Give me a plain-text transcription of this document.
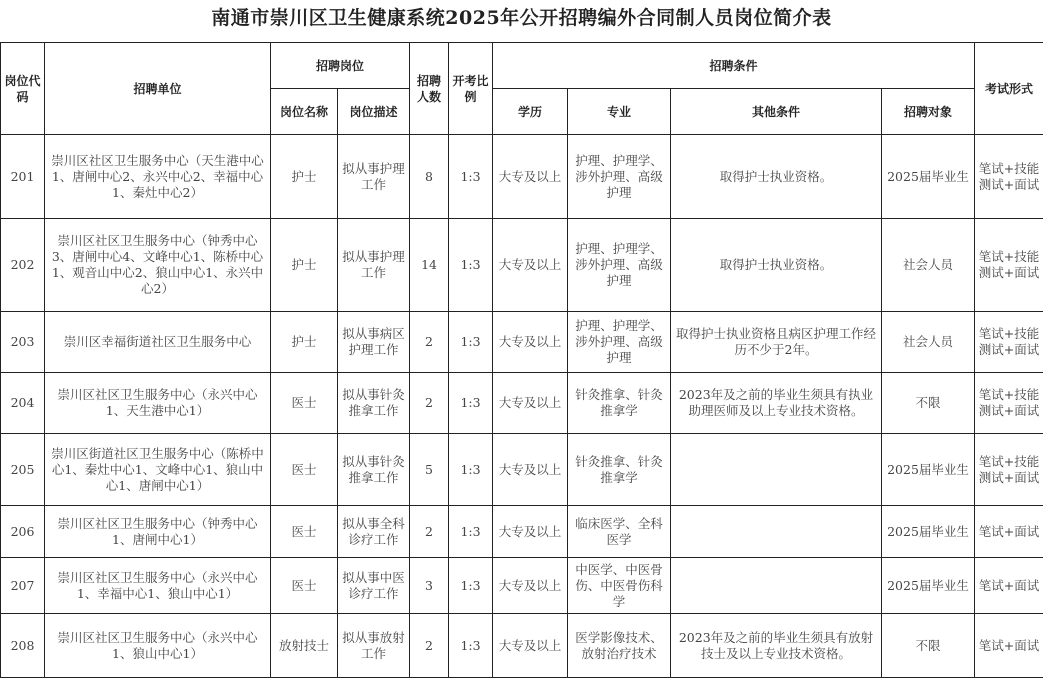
南通市崇川区卫生健康系统2025年公开招聘编外合同制人员岗位简介表
岗位代码	招聘单位	招聘岗位		招聘人数	开考比例	招聘条件				考试形式
		岗位名称	岗位描述			学历	专业	其他条件	招聘对象	
201	崇川区社区卫生服务中心（天生港中心1、唐闸中心2、永兴中心2、幸福中心1、秦灶中心2）	护士	拟从事护理工作	8	1:3	大专及以上	护理、护理学、涉外护理、高级护理	取得护士执业资格。	2025届毕业生	笔试+技能测试+面试
202	崇川区社区卫生服务中心（钟秀中心3、唐闸中心4、文峰中心1、陈桥中心1、观音山中心2、狼山中心1、永兴中心2）	护士	拟从事护理工作	14	1:3	大专及以上	护理、护理学、涉外护理、高级护理	取得护士执业资格。	社会人员	笔试+技能测试+面试
203	崇川区幸福街道社区卫生服务中心	护士	拟从事病区护理工作	2	1:3	大专及以上	护理、护理学、涉外护理、高级护理	取得护士执业资格且病区护理工作经历不少于2年。	社会人员	笔试+技能测试+面试
204	崇川区社区卫生服务中心（永兴中心1、天生港中心1）	医士	拟从事针灸推拿工作	2	1:3	大专及以上	针灸推拿、针灸推拿学	2023年及之前的毕业生须具有执业助理医师及以上专业技术资格。	不限	笔试+技能测试+面试
205	崇川区街道社区卫生服务中心（陈桥中心1、秦灶中心1、文峰中心1、狼山中心1、唐闸中心1）	医士	拟从事针灸推拿工作	5	1:3	大专及以上	针灸推拿、针灸推拿学		2025届毕业生	笔试+技能测试+面试
206	崇川区社区卫生服务中心（钟秀中心1、唐闸中心1）	医士	拟从事全科诊疗工作	2	1:3	大专及以上	临床医学、全科医学		2025届毕业生	笔试+面试
207	崇川区社区卫生服务中心（永兴中心1、幸福中心1、狼山中心1）	医士	拟从事中医诊疗工作	3	1:3	大专及以上	中医学、中医骨伤、中医骨伤科学		2025届毕业生	笔试+面试
208	崇川区社区卫生服务中心（永兴中心1、狼山中心1）	放射技士	拟从事放射工作	2	1:3	大专及以上	医学影像技术、放射治疗技术	2023年及之前的毕业生须具有放射技士及以上专业技术资格。	不限	笔试+面试
